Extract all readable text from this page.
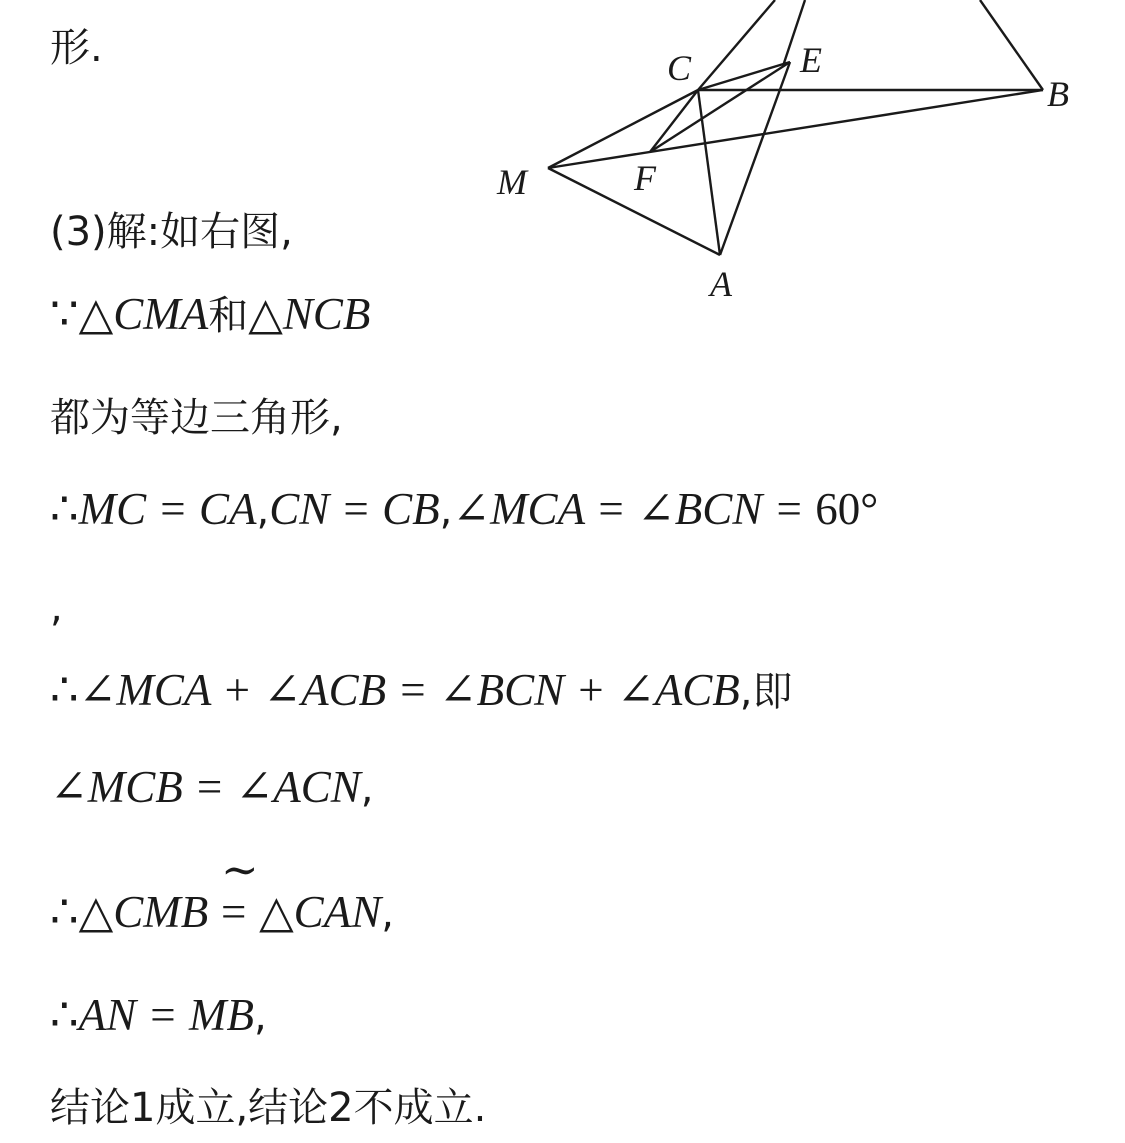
C	E
B
M	F
A
形.
(3)解:如右图,
∵△CMA和△NCB
都为等边三角形,
∴MC = CA,CN = CB,∠MCA = ∠BCN = 60°
,
∴∠MCA + ∠ACB = ∠BCN + ∠ACB,即
∠MCB = ∠ACN,
∴△CMB
∼
= △CAN,
∴AN = MB,
结论1成立,结论2不成立.
